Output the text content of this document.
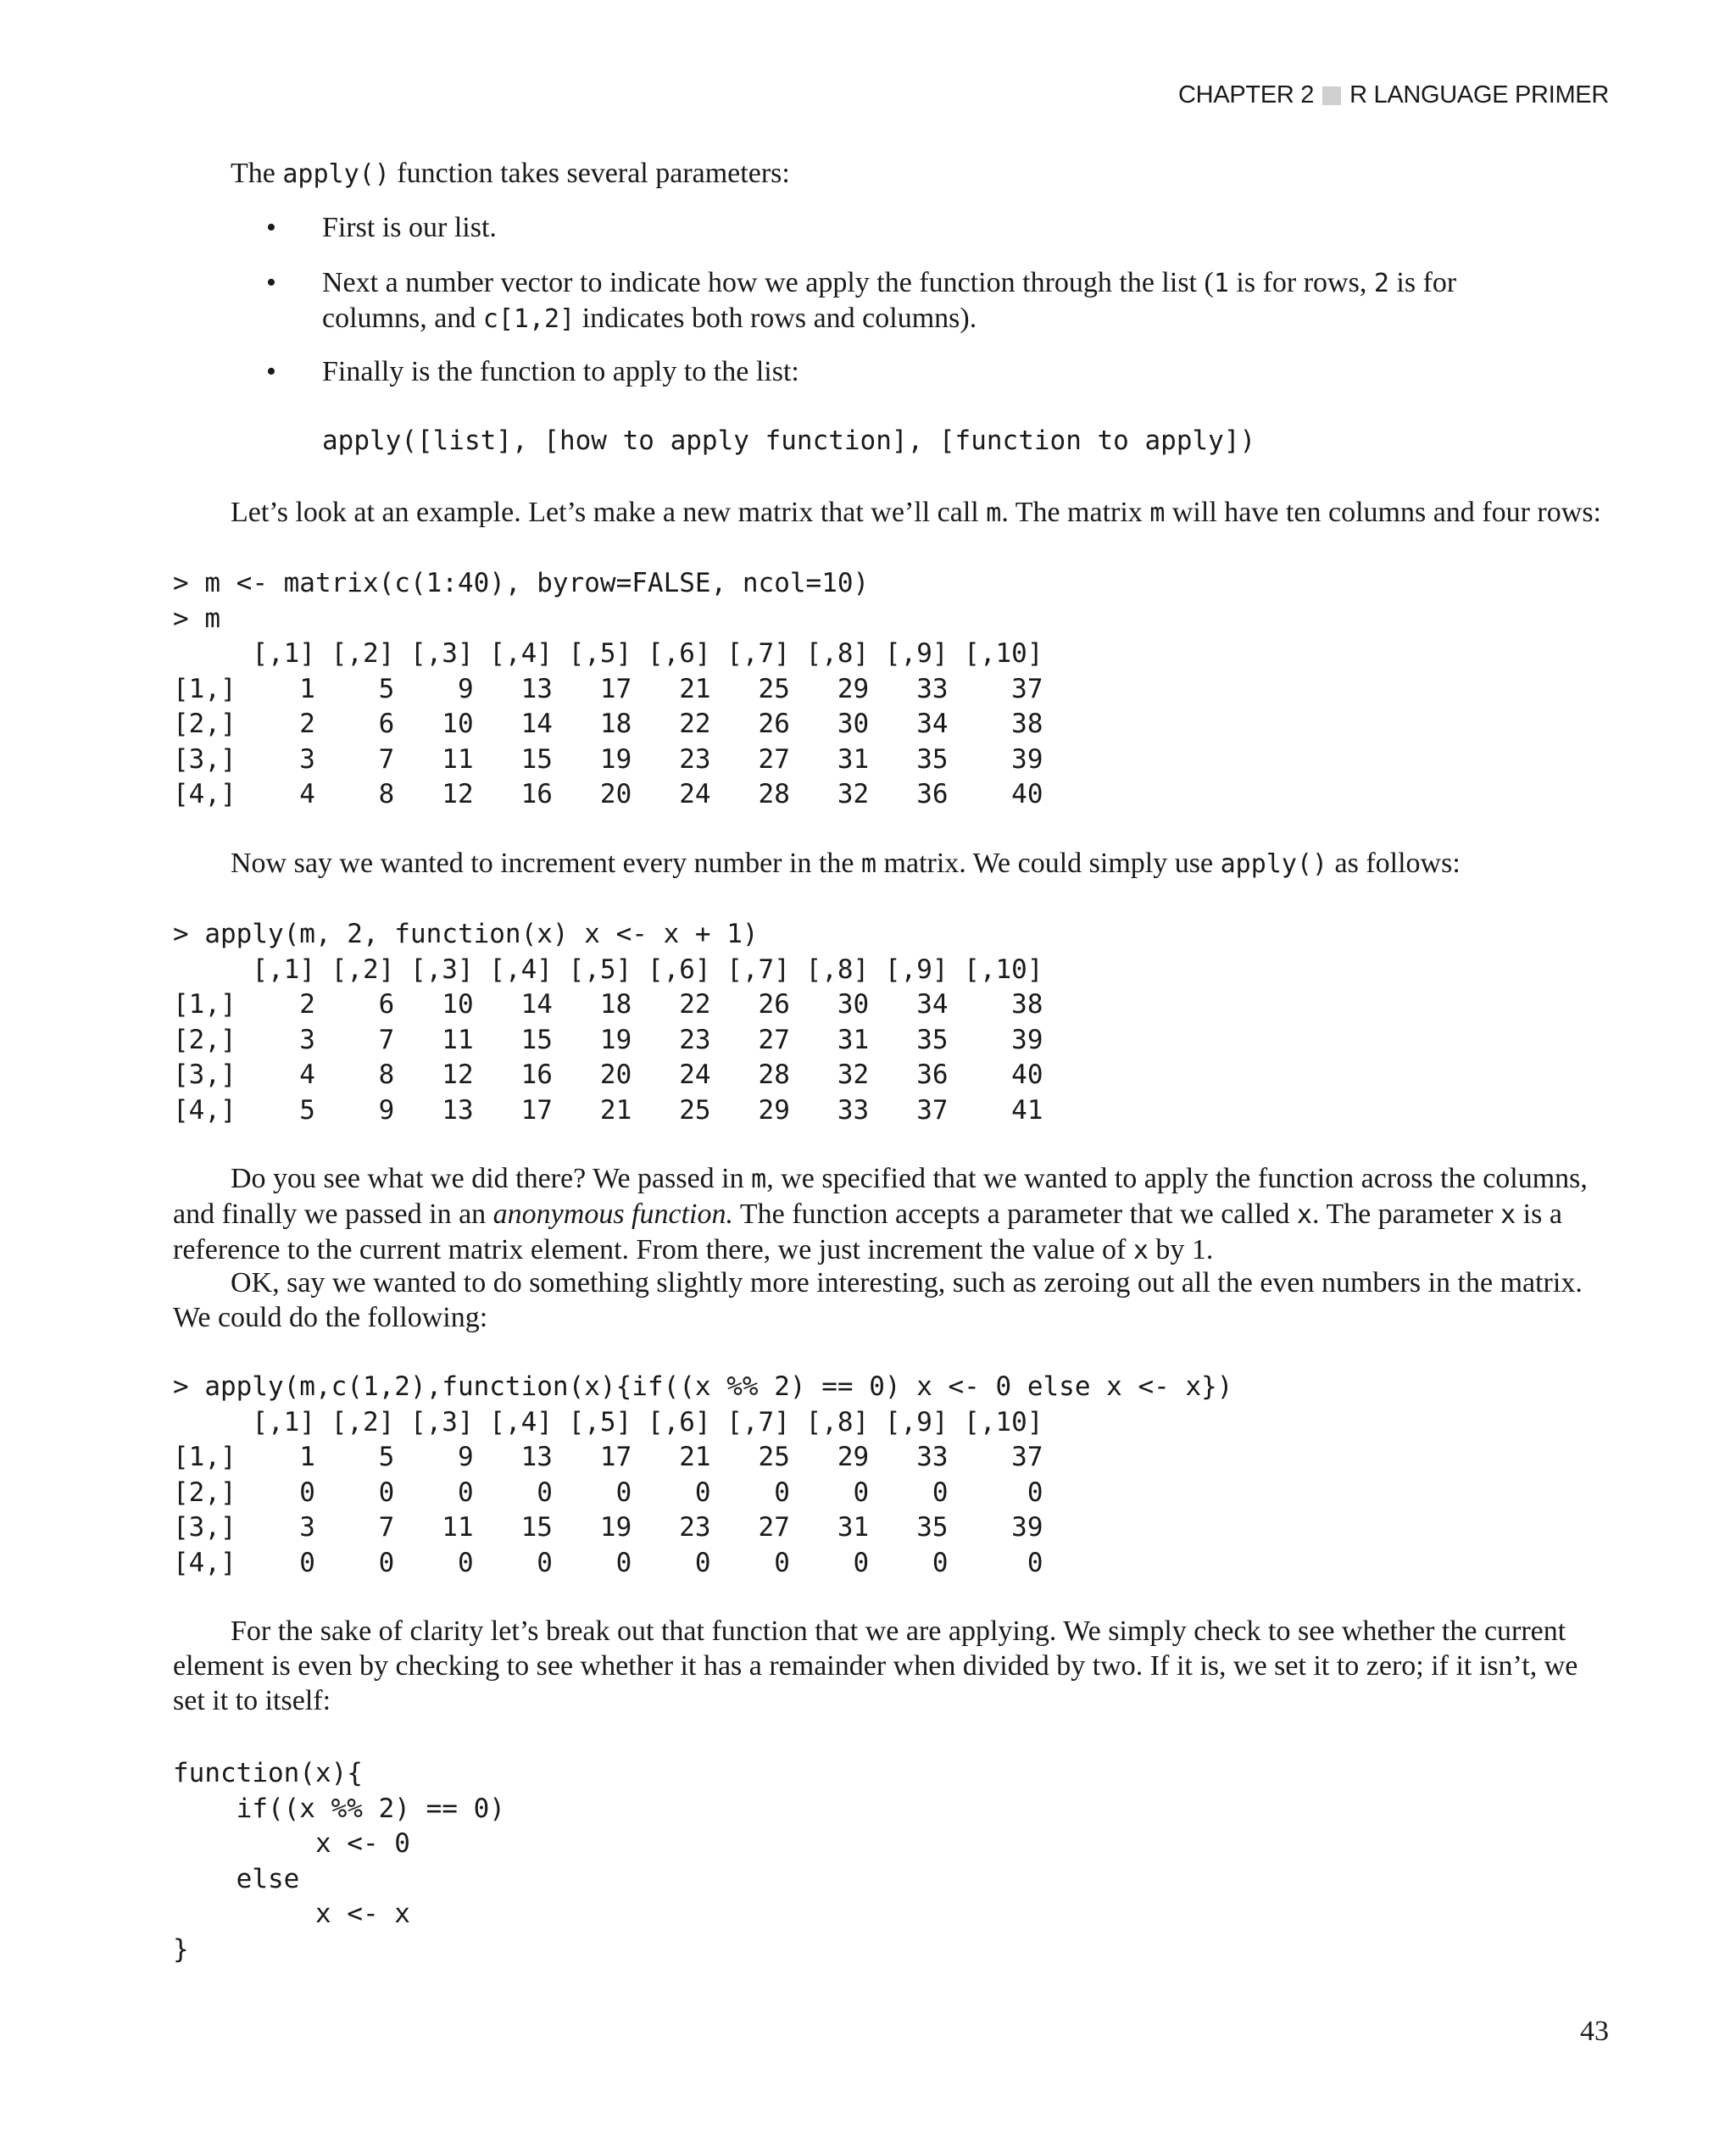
CHAPTER 2 R LANGUAGE PRIMER

The apply() function takes several parameters:

• First is our list.
• Next a number vector to indicate how we apply the function through the list (1 is for rows, 2 is for columns, and c[1,2] indicates both rows and columns).
• Finally is the function to apply to the list:
apply([list], [how to apply function], [function to apply])

Let’s look at an example. Let’s make a new matrix that we’ll call m. The matrix m will have ten columns and four rows:

> m <- matrix(c(1:40), byrow=FALSE, ncol=10)
> m
[,1] [,2] [,3] [,4] [,5] [,6] [,7] [,8] [,9] [,10]
[1,]    1    5    9   13   17   21   25   29   33    37
[2,]    2    6   10   14   18   22   26   30   34    38
[3,]    3    7   11   15   19   23   27   31   35    39
[4,]    4    8   12   16   20   24   28   32   36    40

Now say we wanted to increment every number in the m matrix. We could simply use apply() as follows:

> apply(m, 2, function(x) x <- x + 1)
[,1] [,2] [,3] [,4] [,5] [,6] [,7] [,8] [,9] [,10]
[1,]    2    6   10   14   18   22   26   30   34    38
[2,]    3    7   11   15   19   23   27   31   35    39
[3,]    4    8   12   16   20   24   28   32   36    40
[4,]    5    9   13   17   21   25   29   33   37    41

Do you see what we did there? We passed in m, we specified that we wanted to apply the function across the columns, and finally we passed in an anonymous function. The function accepts a parameter that we called x. The parameter x is a reference to the current matrix element. From there, we just increment the value of x by 1.

OK, say we wanted to do something slightly more interesting, such as zeroing out all the even numbers in the matrix. We could do the following:

> apply(m,c(1,2),function(x){if((x %% 2) == 0) x <- 0 else x <- x})
[,1] [,2] [,3] [,4] [,5] [,6] [,7] [,8] [,9] [,10]
[1,]    1    5    9   13   17   21   25   29   33    37
[2,]    0    0    0    0    0    0    0    0    0     0
[3,]    3    7   11   15   19   23   27   31   35    39
[4,]    0    0    0    0    0    0    0    0    0     0

For the sake of clarity let’s break out that function that we are applying. We simply check to see whether the current element is even by checking to see whether it has a remainder when divided by two. If it is, we set it to zero; if it isn’t, we set it to itself:

function(x){
if((x %% 2) == 0)
x <- 0
else
x <- x
}
43
